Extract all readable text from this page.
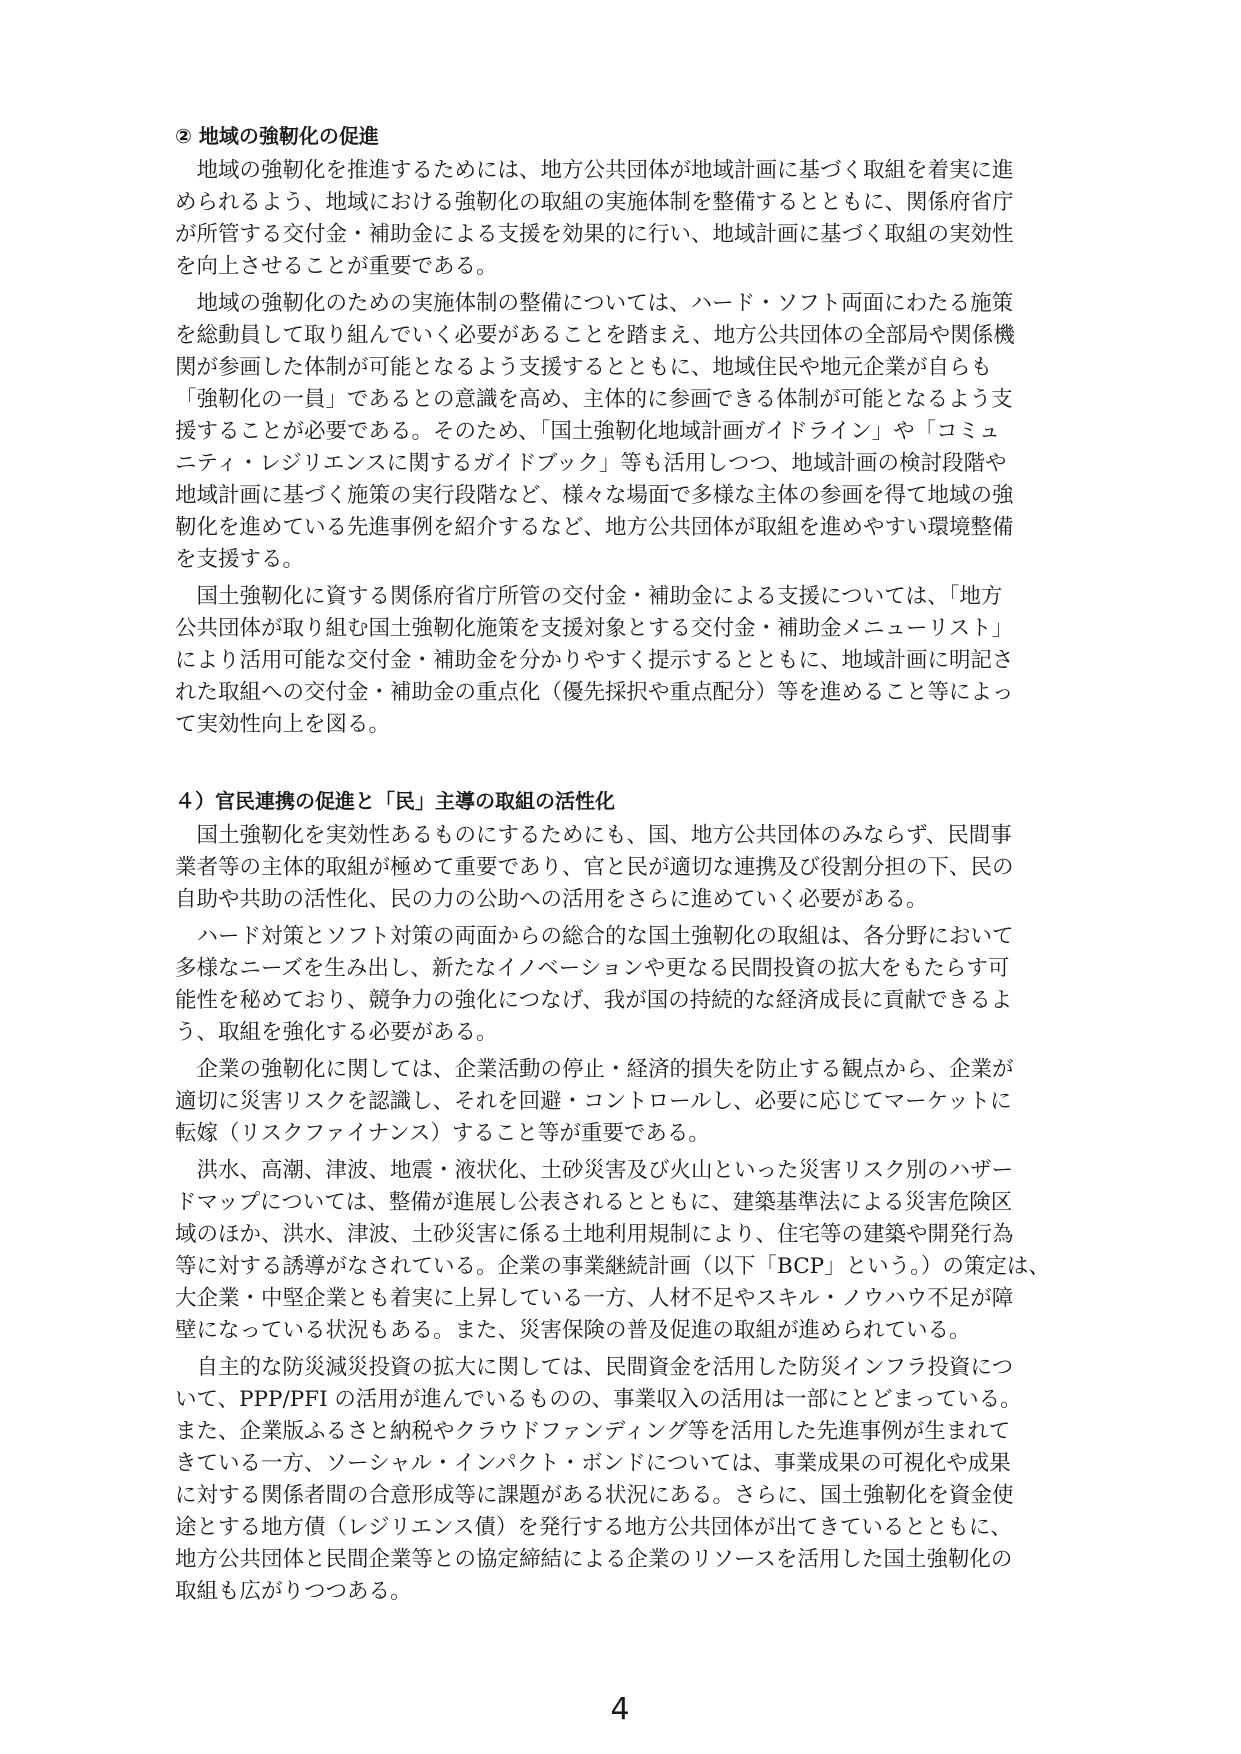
② 地域の強靭化の促進
　地域の強靭化を推進するためには、地方公共団体が地域計画に基づく取組を着実に進
められるよう、地域における強靭化の取組の実施体制を整備するとともに、関係府省庁
が所管する交付金・補助金による支援を効果的に行い、地域計画に基づく取組の実効性
を向上させることが重要である。
　地域の強靭化のための実施体制の整備については、ハード・ソフト両面にわたる施策
を総動員して取り組んでいく必要があることを踏まえ、地方公共団体の全部局や関係機
関が参画した体制が可能となるよう支援するとともに、地域住民や地元企業が自らも
「強靭化の一員」であるとの意識を高め、主体的に参画できる体制が可能となるよう支
援することが必要である。そのため、「国土強靭化地域計画ガイドライン」や「コミュ
ニティ・レジリエンスに関するガイドブック」等も活用しつつ、地域計画の検討段階や
地域計画に基づく施策の実行段階など、様々な場面で多様な主体の参画を得て地域の強
靭化を進めている先進事例を紹介するなど、地方公共団体が取組を進めやすい環境整備
を支援する。
　国土強靭化に資する関係府省庁所管の交付金・補助金による支援については、「地方
公共団体が取り組む国土強靭化施策を支援対象とする交付金・補助金メニューリスト」
により活用可能な交付金・補助金を分かりやすく提示するとともに、地域計画に明記さ
れた取組への交付金・補助金の重点化（優先採択や重点配分）等を進めること等によっ
て実効性向上を図る。
４）官民連携の促進と「民」主導の取組の活性化
　国土強靭化を実効性あるものにするためにも、国、地方公共団体のみならず、民間事
業者等の主体的取組が極めて重要であり、官と民が適切な連携及び役割分担の下、民の
自助や共助の活性化、民の力の公助への活用をさらに進めていく必要がある。
　ハード対策とソフト対策の両面からの総合的な国土強靭化の取組は、各分野において
多様なニーズを生み出し、新たなイノベーションや更なる民間投資の拡大をもたらす可
能性を秘めており、競争力の強化につなげ、我が国の持続的な経済成長に貢献できるよ
う、取組を強化する必要がある。
　企業の強靭化に関しては、企業活動の停止・経済的損失を防止する観点から、企業が
適切に災害リスクを認識し、それを回避・コントロールし、必要に応じてマーケットに
転嫁（リスクファイナンス）すること等が重要である。
　洪水、高潮、津波、地震・液状化、土砂災害及び火山といった災害リスク別のハザー
ドマップについては、整備が進展し公表されるとともに、建築基準法による災害危険区
域のほか、洪水、津波、土砂災害に係る土地利用規制により、住宅等の建築や開発行為
等に対する誘導がなされている。企業の事業継続計画（以下「BCP」という。）の策定は、
大企業・中堅企業とも着実に上昇している一方、人材不足やスキル・ノウハウ不足が障
壁になっている状況もある。また、災害保険の普及促進の取組が進められている。
　自主的な防災減災投資の拡大に関しては、民間資金を活用した防災インフラ投資につ
いて、PPP/PFI の活用が進んでいるものの、事業収入の活用は一部にとどまっている。
また、企業版ふるさと納税やクラウドファンディング等を活用した先進事例が生まれて
きている一方、ソーシャル・インパクト・ボンドについては、事業成果の可視化や成果
に対する関係者間の合意形成等に課題がある状況にある。さらに、国土強靭化を資金使
途とする地方債（レジリエンス債）を発行する地方公共団体が出てきているとともに、
地方公共団体と民間企業等との協定締結による企業のリソースを活用した国土強靭化の
取組も広がりつつある。
4
